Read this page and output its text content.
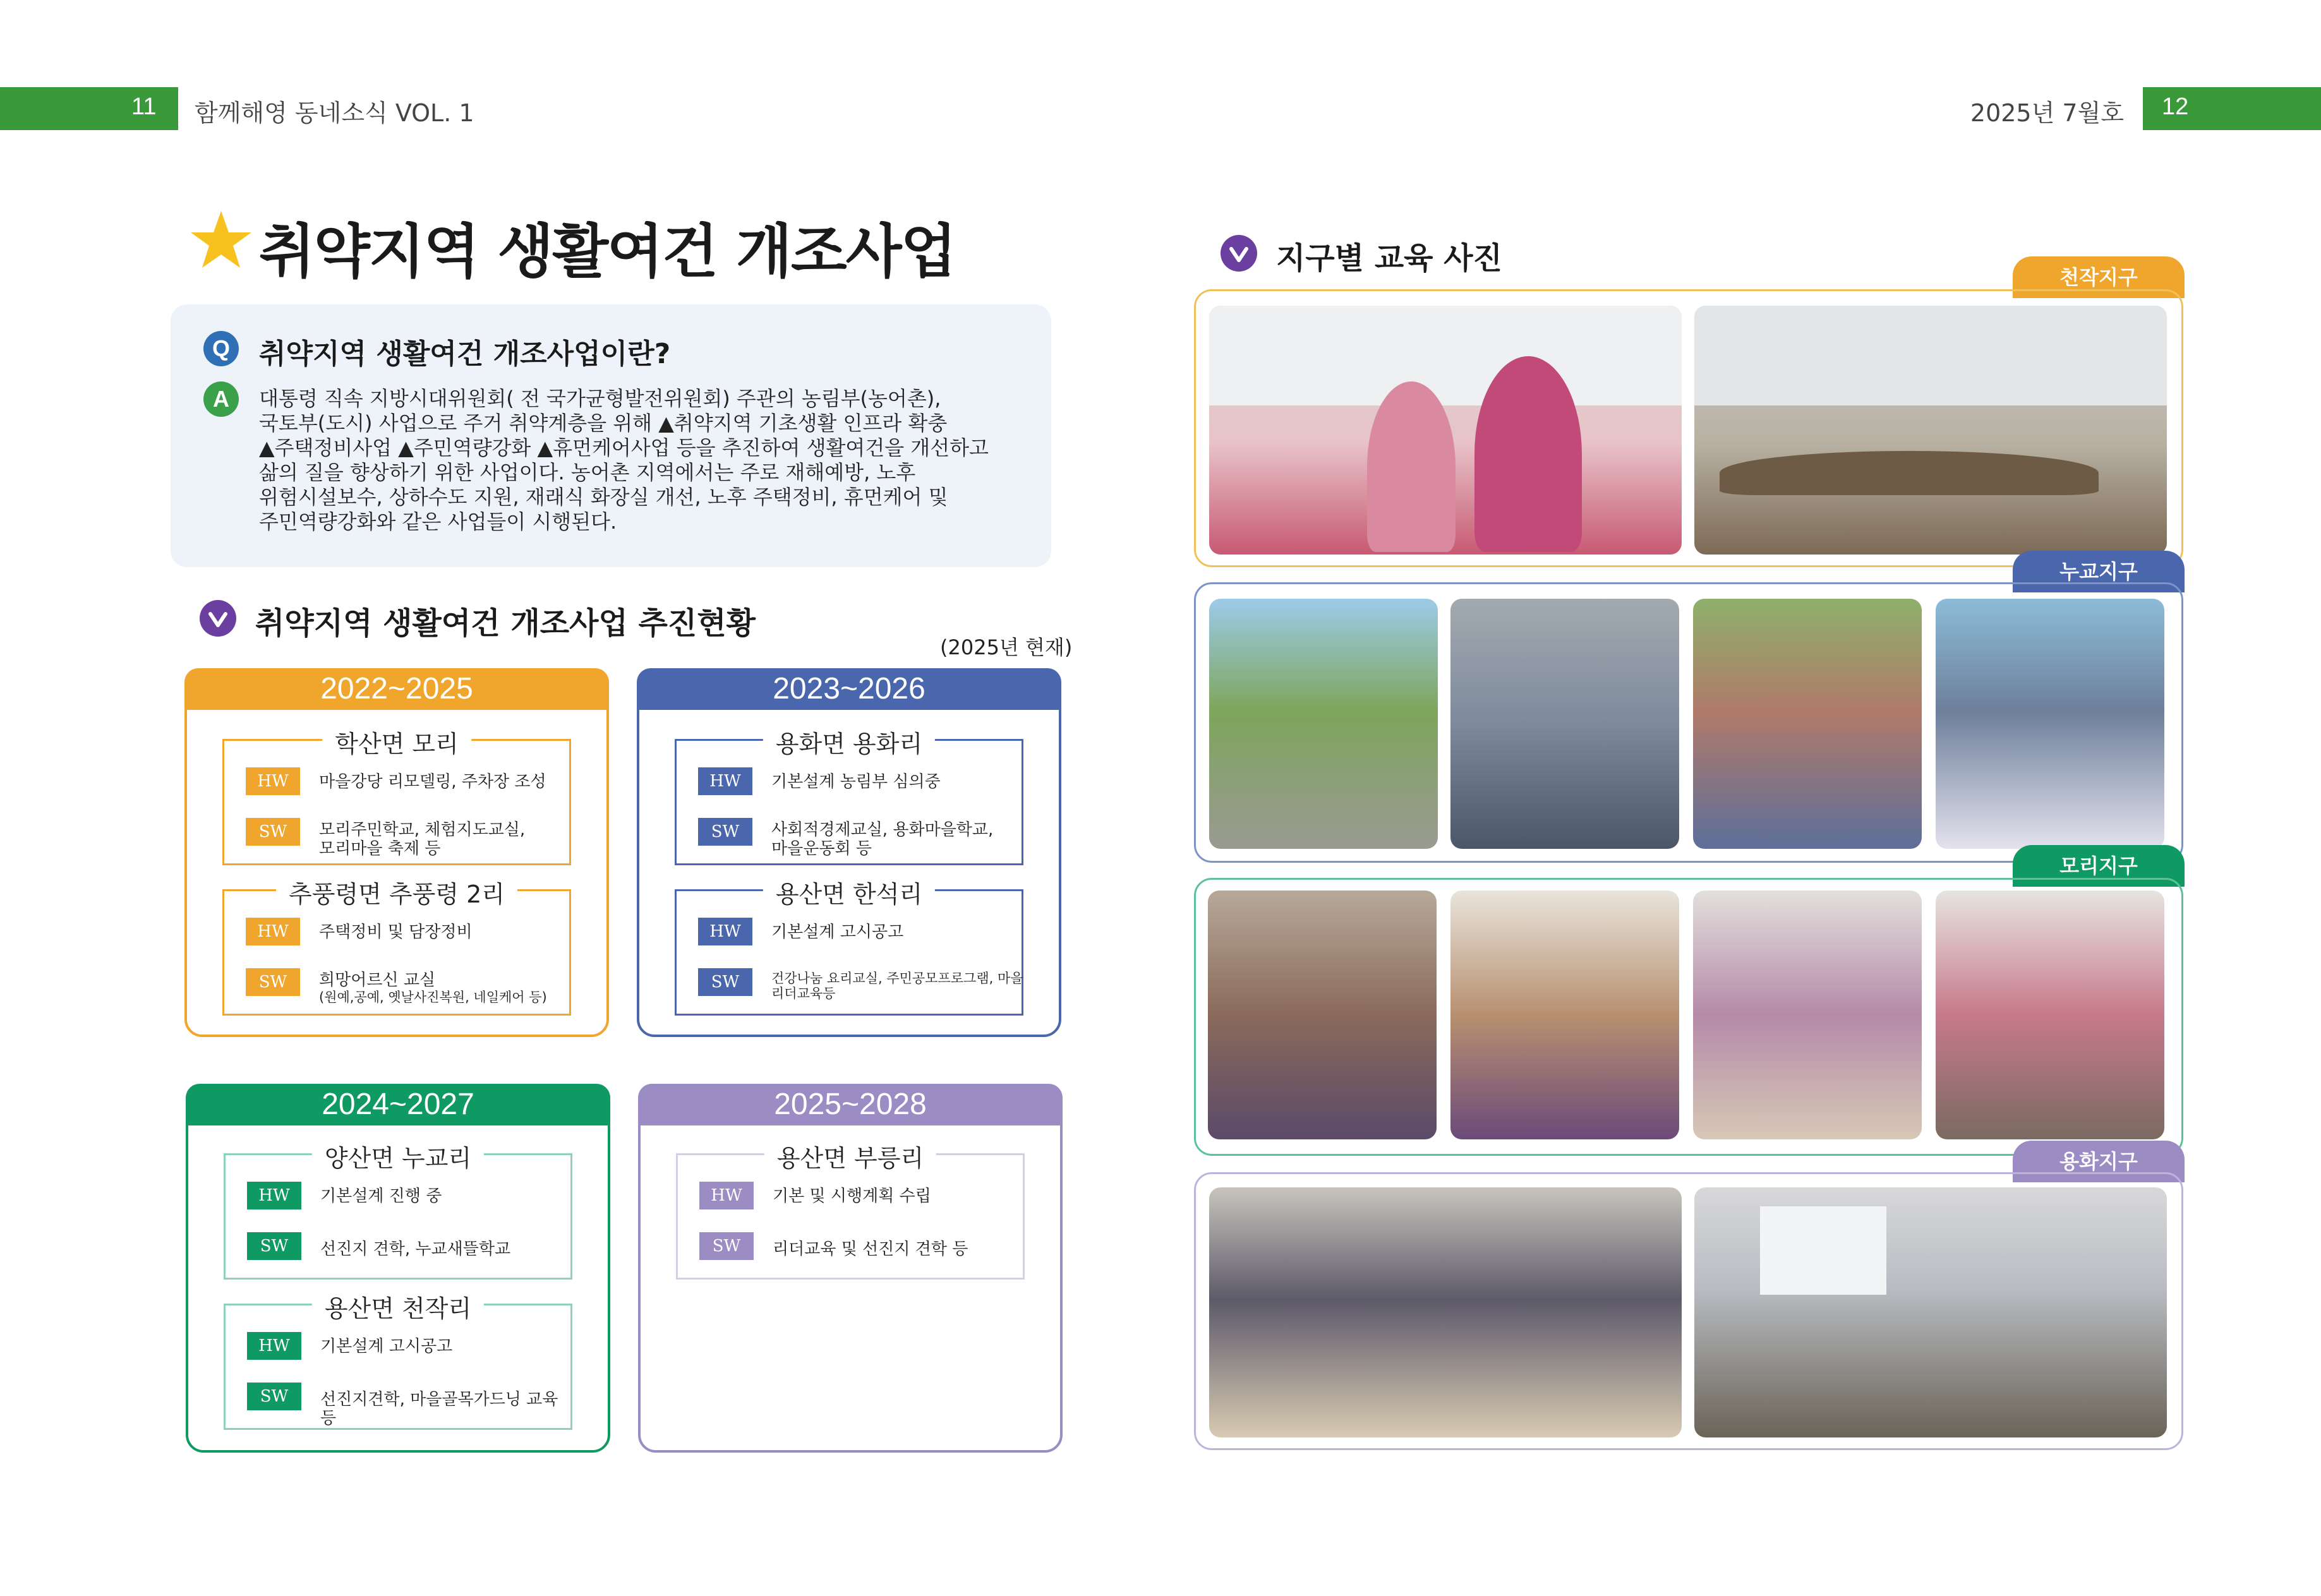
11 함께해영 동네소식 VOL. 1	2025년 7월호 12
취약지역 생활여건 개조사업
Q	취약지역 생활여건 개조사업이란?
A	대통령 직속 지방시대위원회( 전 국가균형발전위원회) 주관의 농림부(농어촌),
국토부(도시) 사업으로 주거 취약계층을 위해 ▲취약지역 기초생활 인프라 확충
▲주택정비사업 ▲주민역량강화 ▲휴먼케어사업 등을 추진하여 생활여건을 개선하고
삶의 질을 향상하기 위한 사업이다. 농어촌 지역에서는 주로 재해예방, 노후
위험시설보수, 상하수도 지원, 재래식 화장실 개선, 노후 주택정비, 휴먼케어 및
주민역량강화와 같은 사업들이 시행된다.
취약지역 생활여건 개조사업 추진현황
(2025년 현재)
2022~2025
학산면 모리
HW	마을강당 리모델링, 주차장 조성
SW	모리주민학교, 체험지도교실,
모리마을 축제 등
추풍령면 추풍령 2리
HW	주택정비 및 담장정비
SW	희망어르신 교실
(원예,공예, 옛날사진복원, 네일케어 등)
2023~2026
용화면 용화리
HW	기본설계 농림부 심의중
SW	사회적경제교실, 용화마을학교,
마을운동회 등
용산면 한석리
HW	기본설계 고시공고
SW	건강나눔 요리교실, 주민공모프로그램, 마을리더교육등
2024~2027
양산면 누교리
HW	기본설계 진행 중
SW	선진지 견학, 누교새뜰학교
용산면 천작리
HW	기본설계 고시공고
SW	선진지견학, 마을골목가드닝 교육 등
2025~2028
용산면 부릉리
HW	기본 및 시행계획 수립
SW	리더교육 및 선진지 견학 등
지구별 교육 사진
천작지구
누교지구
모리지구
용화지구
